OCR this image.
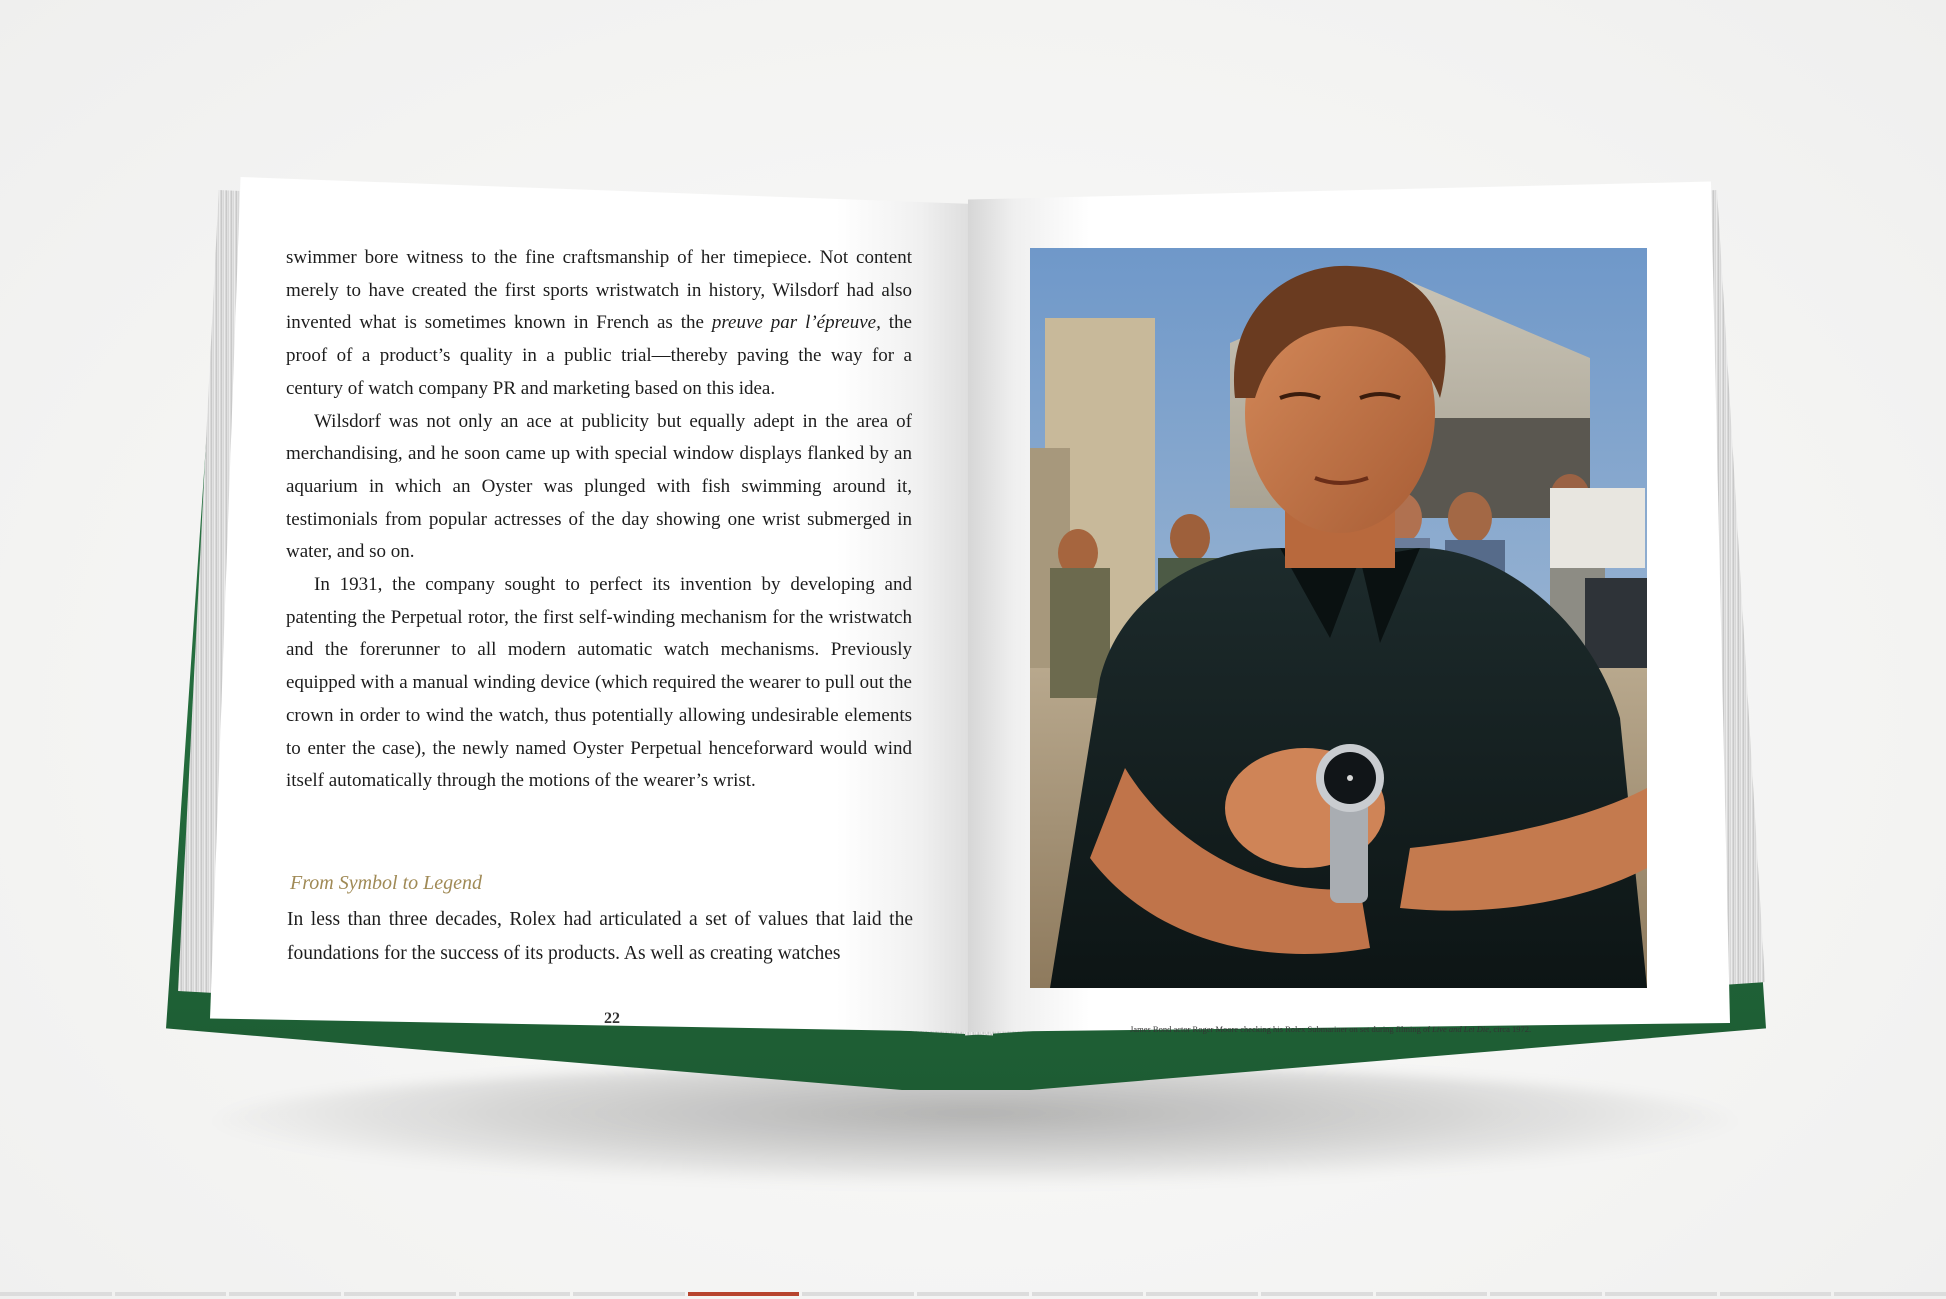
swimmer bore witness to the fine craftsmanship of her timepiece. Not content merely to have created the first sports wristwatch in history, Wilsdorf had also invented what is sometimes known in French as the preuve par l’épreuve, the proof of a product’s quality in a public trial—thereby paving the way for a century of watch company PR and marketing based on this idea.

Wilsdorf was not only an ace at publicity but equally adept in the area of merchandising, and he soon came up with special window displays flanked by an aquarium in which an Oyster was plunged with fish swimming around it, testimonials from popular actresses of the day showing one wrist submerged in water, and so on.

In 1931, the company sought to perfect its invention by developing and patenting the Perpetual rotor, the first self-winding mechanism for the wristwatch and the forerunner to all modern automatic watch mechanisms. Previously equipped with a manual winding device (which required the wearer to pull out the crown in order to wind the watch, thus potentially allowing undesirable elements to enter the case), the newly named Oyster Perpetual henceforward would wind itself automatically through the motions of the wearer’s wrist.

From Symbol to Legend
In less than three decades, Rolex had articulated a set of values that laid the foundations for the success of its products. As well as creating watches
22
James Bond actor Roger Moore checking his Rolex Submariner on set during filming of Live and Let Die, circa 1972.
